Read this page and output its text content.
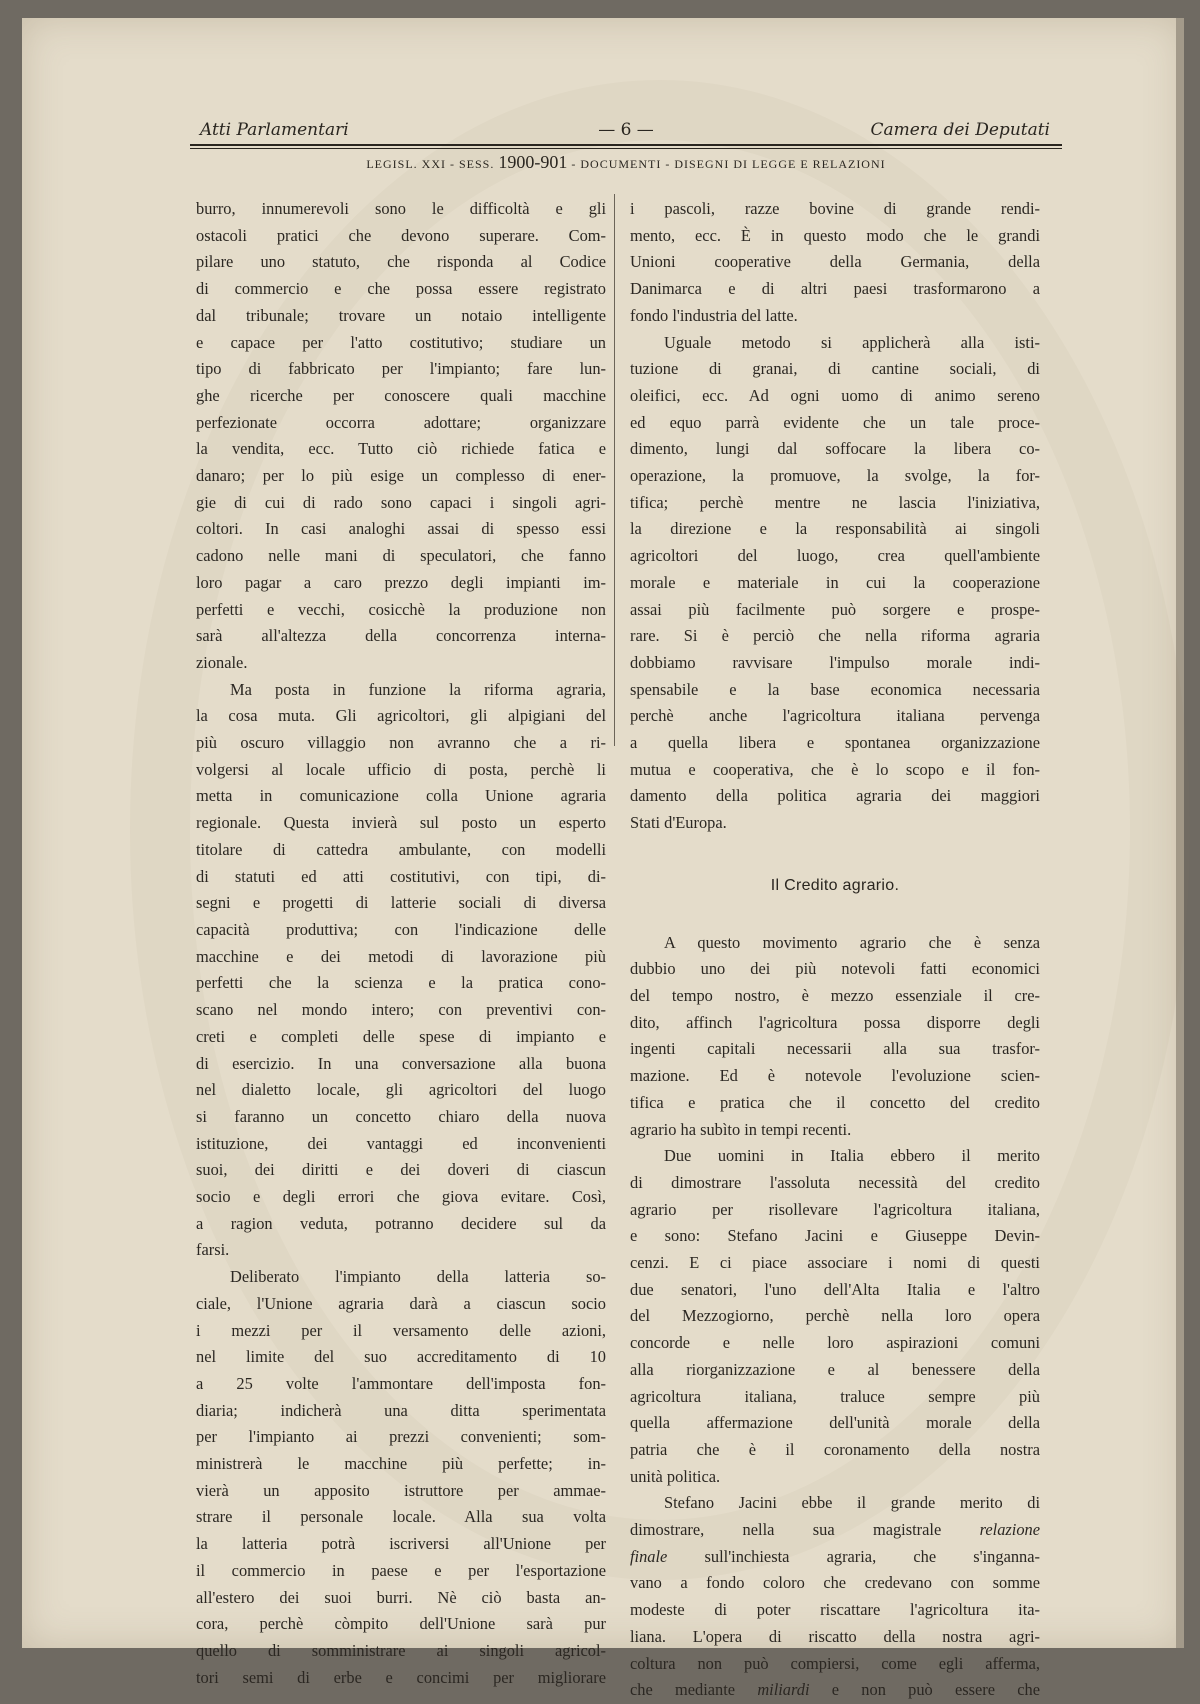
Atti Parlamentari	— 6 —	Camera dei Deputati
LEGISL. XXI - SESS. 1900-901 - DOCUMENTI - DISEGNI DI LEGGE E RELAZIONI
burro, innumerevoli sono le difficoltà e gli
ostacoli pratici che devono superare. Com-
pilare uno statuto, che risponda al Codice
di commercio e che possa essere registrato
dal tribunale; trovare un notaio intelligente
e capace per l'atto costitutivo; studiare un
tipo di fabbricato per l'impianto; fare lun-
ghe ricerche per conoscere quali macchine
perfezionate occorra adottare; organizzare
la vendita, ecc. Tutto ciò richiede fatica e
danaro; per lo più esige un complesso di ener-
gie di cui di rado sono capaci i singoli agri-
coltori. In casi analoghi assai di spesso essi
cadono nelle mani di speculatori, che fanno
loro pagar a caro prezzo degli impianti im-
perfetti e vecchi, cosicchè la produzione non
sarà all'altezza della concorrenza interna-
zionale.
Ma posta in funzione la riforma agraria,
la cosa muta. Gli agricoltori, gli alpigiani del
più oscuro villaggio non avranno che a ri-
volgersi al locale ufficio di posta, perchè li
metta in comunicazione colla Unione agraria
regionale. Questa invierà sul posto un esperto
titolare di cattedra ambulante, con modelli
di statuti ed atti costitutivi, con tipi, di-
segni e progetti di latterie sociali di diversa
capacità produttiva; con l'indicazione delle
macchine e dei metodi di lavorazione più
perfetti che la scienza e la pratica cono-
scano nel mondo intero; con preventivi con-
creti e completi delle spese di impianto e
di esercizio. In una conversazione alla buona
nel dialetto locale, gli agricoltori del luogo
si faranno un concetto chiaro della nuova
istituzione, dei vantaggi ed inconvenienti
suoi, dei diritti e dei doveri di ciascun
socio e degli errori che giova evitare. Così,
a ragion veduta, potranno decidere sul da
farsi.
Deliberato l'impianto della latteria so-
ciale, l'Unione agraria darà a ciascun socio
i mezzi per il versamento delle azioni,
nel limite del suo accreditamento di 10
a 25 volte l'ammontare dell'imposta fon-
diaria; indicherà una ditta sperimentata
per l'impianto ai prezzi convenienti; som-
ministrerà le macchine più perfette; in-
vierà un apposito istruttore per ammae-
strare il personale locale. Alla sua volta
la latteria potrà iscriversi all'Unione per
il commercio in paese e per l'esportazione
all'estero dei suoi burri. Nè ciò basta an-
cora, perchè còmpito dell'Unione sarà pur
quello di somministrare ai singoli agricol-
tori semi di erbe e concimi per migliorare
i pascoli, razze bovine di grande rendi-
mento, ecc. È in questo modo che le grandi
Unioni cooperative della Germania, della
Danimarca e di altri paesi trasformarono a
fondo l'industria del latte.
Uguale metodo si applicherà alla isti-
tuzione di granai, di cantine sociali, di
oleifici, ecc. Ad ogni uomo di animo sereno
ed equo parrà evidente che un tale proce-
dimento, lungi dal soffocare la libera co-
operazione, la promuove, la svolge, la for-
tifica; perchè mentre ne lascia l'iniziativa,
la direzione e la responsabilità ai singoli
agricoltori del luogo, crea quell'ambiente
morale e materiale in cui la cooperazione
assai più facilmente può sorgere e prospe-
rare. Si è perciò che nella riforma agraria
dobbiamo ravvisare l'impulso morale indi-
spensabile e la base economica necessaria
perchè anche l'agricoltura italiana pervenga
a quella libera e spontanea organizzazione
mutua e cooperativa, che è lo scopo e il fon-
damento della politica agraria dei maggiori
Stati d'Europa.
Il Credito agrario.
A questo movimento agrario che è senza
dubbio uno dei più notevoli fatti economici
del tempo nostro, è mezzo essenziale il cre-
dito, affinch l'agricoltura possa disporre degli
ingenti capitali necessarii alla sua trasfor-
mazione. Ed è notevole l'evoluzione scien-
tifica e pratica che il concetto del credito
agrario ha subìto in tempi recenti.
Due uomini in Italia ebbero il merito
di dimostrare l'assoluta necessità del credito
agrario per risollevare l'agricoltura italiana,
e sono: Stefano Jacini e Giuseppe Devin-
cenzi. E ci piace associare i nomi di questi
due senatori, l'uno dell'Alta Italia e l'altro
del Mezzogiorno, perchè nella loro opera
concorde e nelle loro aspirazioni comuni
alla riorganizzazione e al benessere della
agricoltura italiana, traluce sempre più
quella affermazione dell'unità morale della
patria che è il coronamento della nostra
unità politica.
Stefano Jacini ebbe il grande merito di
dimostrare, nella sua magistrale relazione
finale sull'inchiesta agraria, che s'inganna-
vano a fondo coloro che credevano con somme
modeste di poter riscattare l'agricoltura ita-
liana. L'opera di riscatto della nostra agri-
coltura non può compiersi, come egli afferma,
che mediante miliardi e non può essere che
